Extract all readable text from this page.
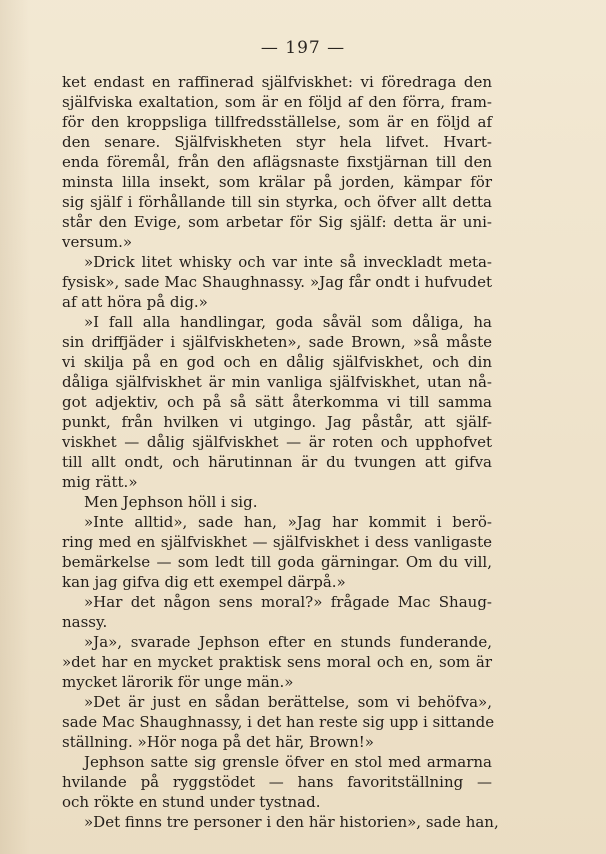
— 197 —
ket endast en raffinerad själfviskhet: vi föredraga den
själfviska exaltation, som är en följd af den förra, fram-
för den kroppsliga tillfredsställelse, som är en följd af
den senare. Själfviskheten styr hela lifvet. Hvart-
enda föremål, från den aflägsnaste fixstjärnan till den
minsta lilla insekt, som krälar på jorden, kämpar för
sig själf i förhållande till sin styrka, och öfver allt detta
står den Evige, som arbetar för Sig själf: detta är uni-
versum.»
»Drick litet whisky och var inte så inveckladt meta-
fysisk», sade Mac Shaughnassy. »Jag får ondt i hufvudet
af att höra på dig.»
»I fall alla handlingar, goda såväl som dåliga, ha
sin driffjäder i själfviskheten», sade Brown, »så måste
vi skilja på en god och en dålig själfviskhet, och din
dåliga själfviskhet är min vanliga själfviskhet, utan nå-
got adjektiv, och på så sätt återkomma vi till samma
punkt, från hvilken vi utgingo. Jag påstår, att själf-
viskhet — dålig själfviskhet — är roten och upphofvet
till allt ondt, och härutinnan är du tvungen att gifva
mig rätt.»
Men Jephson höll i sig.
»Inte alltid», sade han, »Jag har kommit i berö-
ring med en själfviskhet — själfviskhet i dess vanligaste
bemärkelse — som ledt till goda gärningar. Om du vill,
kan jag gifva dig ett exempel därpå.»
»Har det någon sens moral?» frågade Mac Shaug-
nassy.
»Ja», svarade Jephson efter en stunds funderande,
»det har en mycket praktisk sens moral och en, som är
mycket lärorik för unge män.»
»Det är just en sådan berättelse, som vi behöfva»,
sade Mac Shaughnassy, i det han reste sig upp i sittande
ställning. »Hör noga på det här, Brown!»
Jephson satte sig grensle öfver en stol med armarna
hvilande på ryggstödet — hans favoritställning —
och rökte en stund under tystnad.
»Det finns tre personer i den här historien», sade han,
